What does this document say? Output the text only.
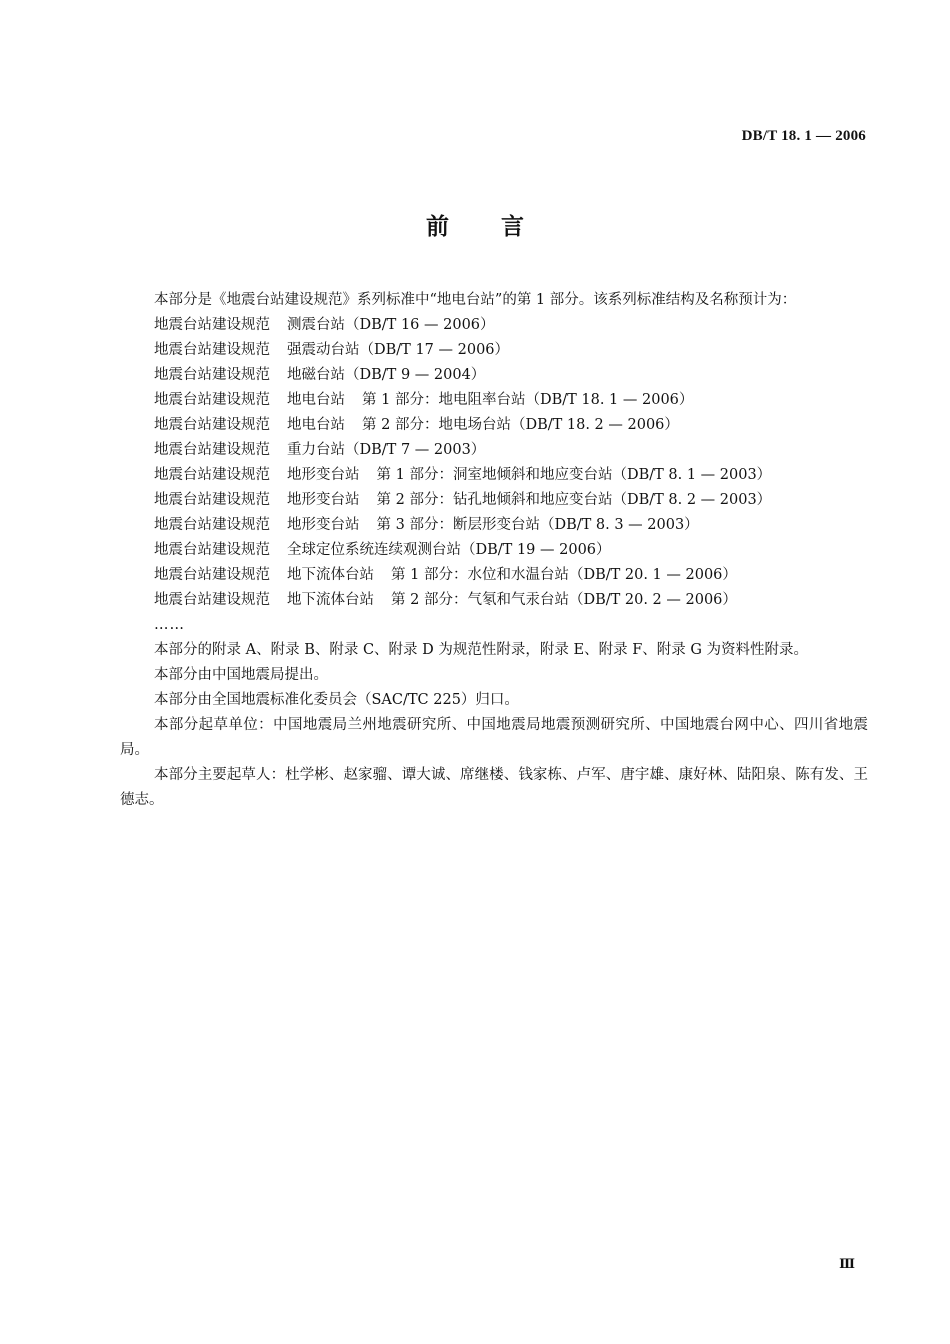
DB/T 18. 1 — 2006
前言

本部分是《地震台站建设规范》系列标准中“地电台站”的第 1 部分。该系列标准结构及名称预计为：

地震台站建设规范 测震台站（DB/T 16 — 2006）
地震台站建设规范 强震动台站（DB/T 17 — 2006）
地震台站建设规范 地磁台站（DB/T 9 — 2004）
地震台站建设规范 地电台站 第 1 部分：地电阻率台站（DB/T 18. 1 — 2006）
地震台站建设规范 地电台站 第 2 部分：地电场台站（DB/T 18. 2 — 2006）
地震台站建设规范 重力台站（DB/T 7 — 2003）
地震台站建设规范 地形变台站 第 1 部分：洞室地倾斜和地应变台站（DB/T 8. 1 — 2003）
地震台站建设规范 地形变台站 第 2 部分：钻孔地倾斜和地应变台站（DB/T 8. 2 — 2003）
地震台站建设规范 地形变台站 第 3 部分：断层形变台站（DB/T 8. 3 — 2003）
地震台站建设规范 全球定位系统连续观测台站（DB/T 19 — 2006）
地震台站建设规范 地下流体台站 第 1 部分：水位和水温台站（DB/T 20. 1 — 2006）
地震台站建设规范 地下流体台站 第 2 部分：气氡和气汞台站（DB/T 20. 2 — 2006）
……

本部分的附录 A、附录 B、附录 C、附录 D 为规范性附录，附录 E、附录 F、附录 G 为资料性附录。

本部分由中国地震局提出。

本部分由全国地震标准化委员会（SAC/TC 225）归口。

本部分起草单位：中国地震局兰州地震研究所、中国地震局地震预测研究所、中国地震台网中心、四川省地震局。

本部分主要起草人：杜学彬、赵家骝、谭大诚、席继楼、钱家栋、卢军、唐宇雄、康好林、陆阳泉、陈有发、王德志。

Ⅲ
